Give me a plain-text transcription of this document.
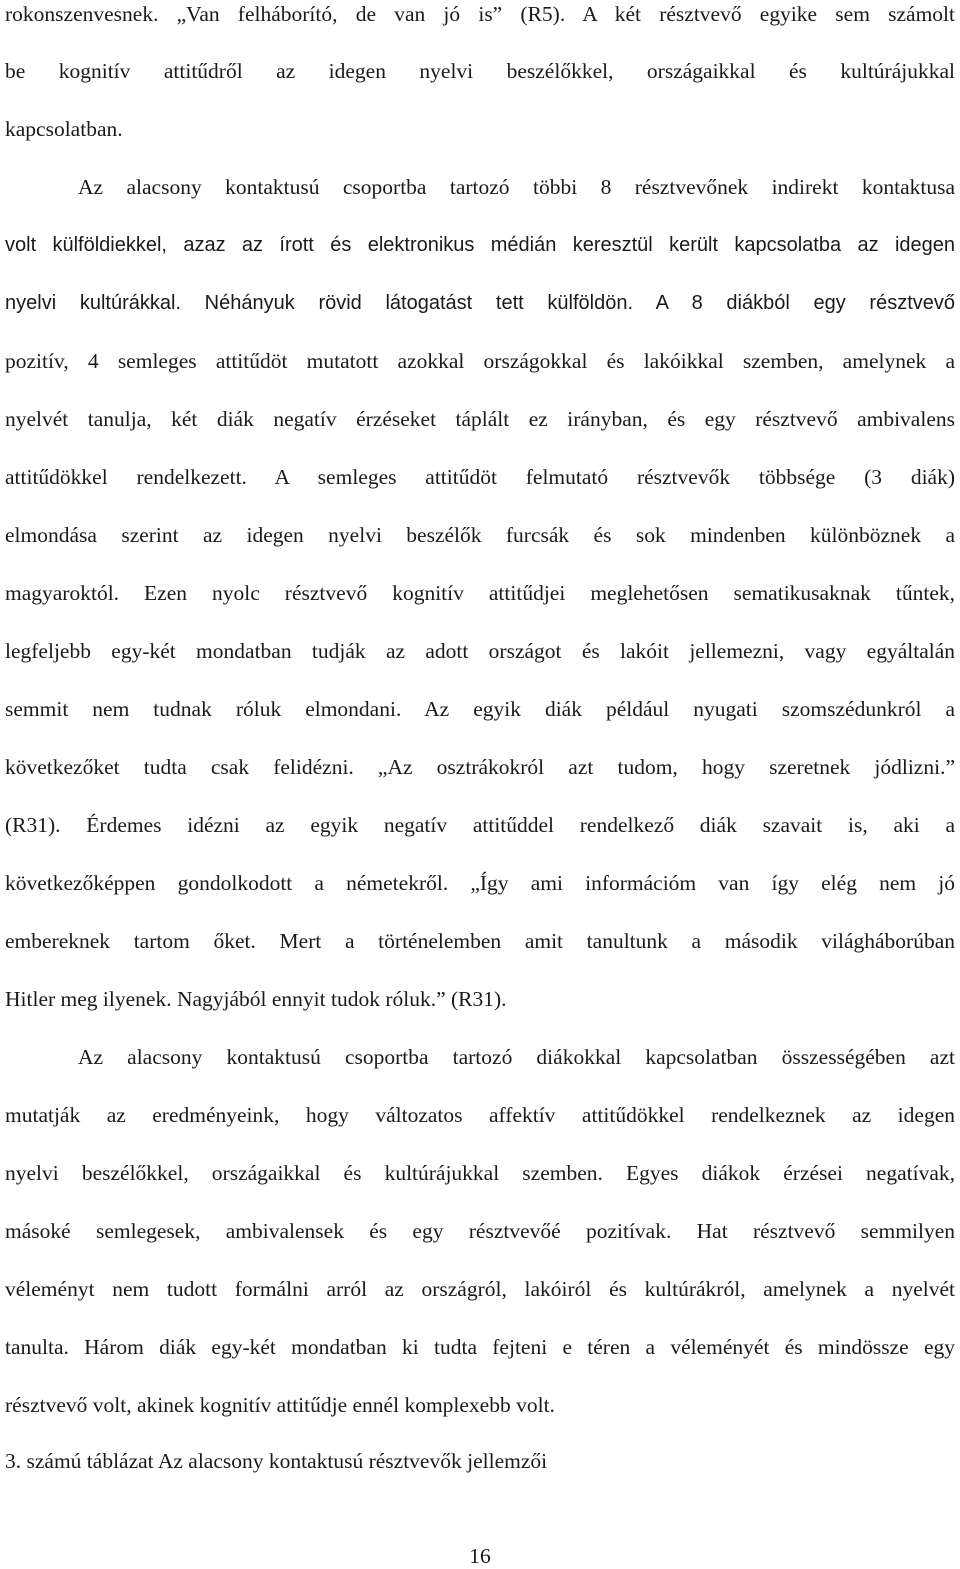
rokonszenvesnek. „Van felháborító, de van jó is” (R5). A két résztvevő egyike sem számolt
be kognitív attitűdről az idegen nyelvi beszélőkkel, országaikkal és kultúrájukkal
kapcsolatban.
Az alacsony kontaktusú csoportba tartozó többi 8 résztvevőnek indirekt kontaktusa
volt külföldiekkel, azaz az írott és elektronikus médián keresztül került kapcsolatba az idegen
nyelvi kultúrákkal. Néhányuk rövid látogatást tett külföldön. A 8 diákból egy résztvevő
pozitív, 4 semleges attitűdöt mutatott azokkal országokkal és lakóikkal szemben, amelynek a
nyelvét tanulja, két diák negatív érzéseket táplált ez irányban, és egy résztvevő ambivalens
attitűdökkel rendelkezett. A semleges attitűdöt felmutató résztvevők többsége (3 diák)
elmondása szerint az idegen nyelvi beszélők furcsák és sok mindenben különböznek a
magyaroktól. Ezen nyolc résztvevő kognitív attitűdjei meglehetősen sematikusaknak tűntek,
legfeljebb egy-két mondatban tudják az adott országot és lakóit jellemezni, vagy egyáltalán
semmit nem tudnak róluk elmondani. Az egyik diák például nyugati szomszédunkról a
következőket tudta csak felidézni. „Az osztrákokról azt tudom, hogy szeretnek jódlizni.”
(R31). Érdemes idézni az egyik negatív attitűddel rendelkező diák szavait is, aki a
következőképpen gondolkodott a németekről. „Így ami információm van így elég nem jó
embereknek tartom őket. Mert a történelemben amit tanultunk a második világháborúban
Hitler meg ilyenek. Nagyjából ennyit tudok róluk.” (R31).
Az alacsony kontaktusú csoportba tartozó diákokkal kapcsolatban összességében azt
mutatják az eredményeink, hogy változatos affektív attitűdökkel rendelkeznek az idegen
nyelvi beszélőkkel, országaikkal és kultúrájukkal szemben. Egyes diákok érzései negatívak,
másoké semlegesek, ambivalensek és egy résztvevőé pozitívak. Hat résztvevő semmilyen
véleményt nem tudott formálni arról az országról, lakóiról és kultúrákról, amelynek a nyelvét
tanulta. Három diák egy-két mondatban ki tudta fejteni e téren a véleményét és mindössze egy
résztvevő volt, akinek kognitív attitűdje ennél komplexebb volt.
3. számú táblázat Az alacsony kontaktusú résztvevők jellemzői
16
